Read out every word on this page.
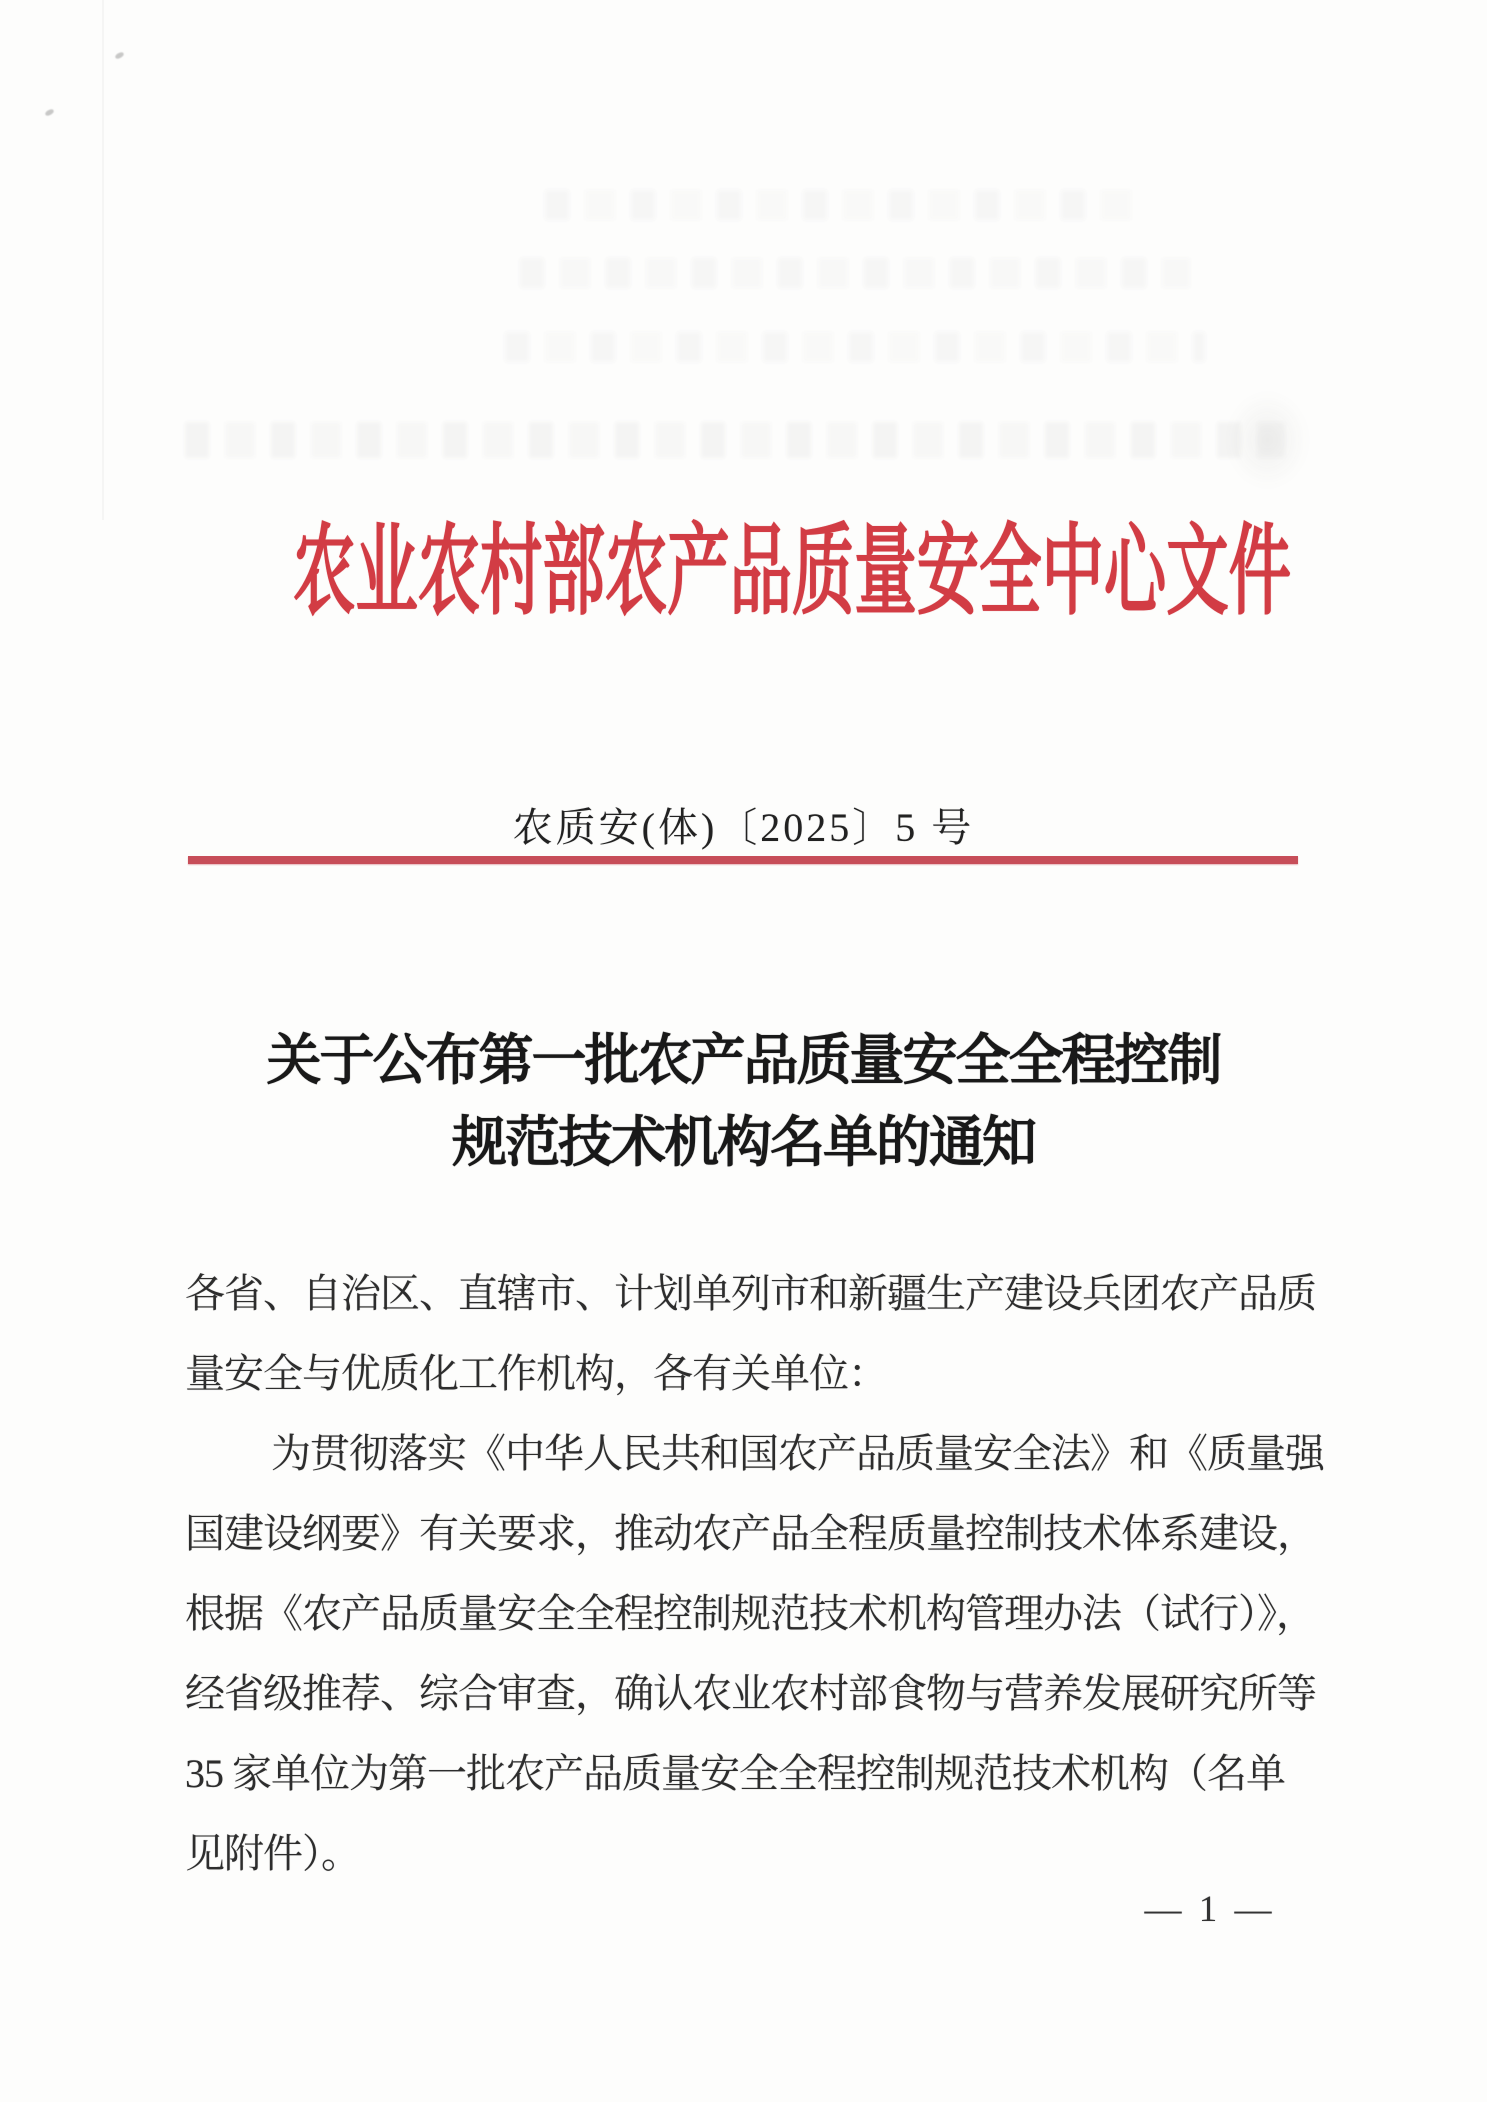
农业农村部农产品质量安全中心文件
农质安(体)〔2025〕5 号
关于公布第一批农产品质量安全全程控制
规范技术机构名单的通知
各省、自治区、直辖市、计划单列市和新疆生产建设兵团农产品质
量安全与优质化工作机构，各有关单位：
为贯彻落实《中华人民共和国农产品质量安全法》和《质量强
国建设纲要》有关要求，推动农产品全程质量控制技术体系建设，
根据《农产品质量安全全程控制规范技术机构管理办法（试行）》，
经省级推荐、综合审查，确认农业农村部食物与营养发展研究所等
35 家单位为第一批农产品质量安全全程控制规范技术机构（名单
见附件）。
— 1 —
